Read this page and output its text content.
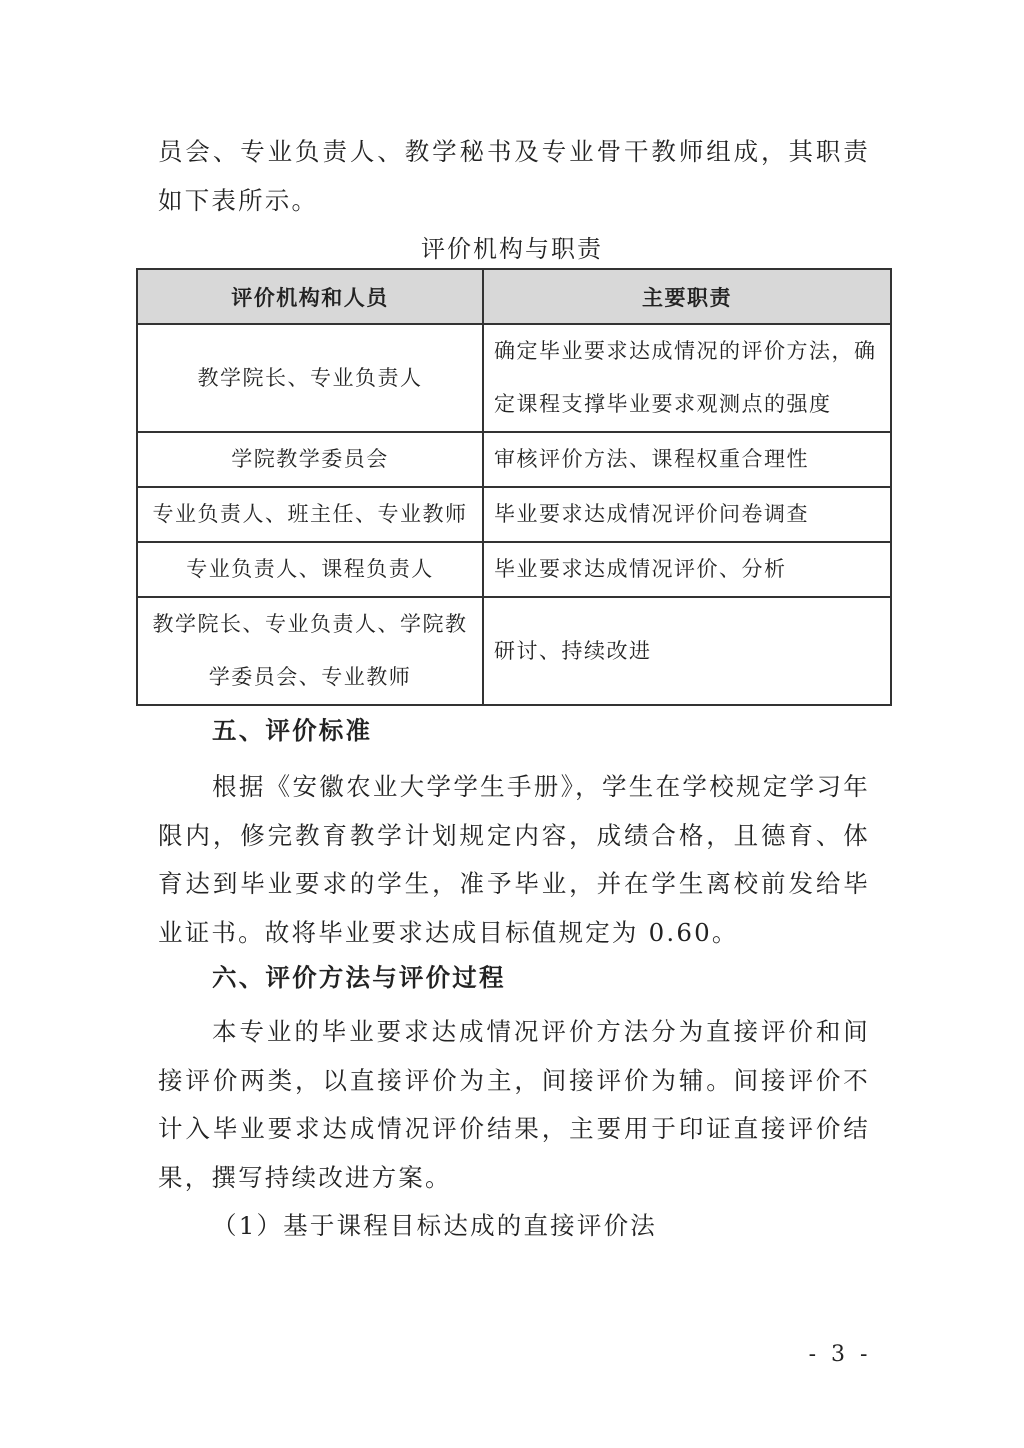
员会、专业负责人、教学秘书及专业骨干教师组成，其职责如下表所示。

评价机构与职责

评价机构和人员	主要职责

教学院长、专业负责人	确定毕业要求达成情况的评价方法，确定课程支撑毕业要求观测点的强度

学院教学委员会	审核评价方法、课程权重合理性

专业负责人、班主任、专业教师	毕业要求达成情况评价问卷调查

专业负责人、课程负责人	毕业要求达成情况评价、分析

教学院长、专业负责人、学院教学委员会、专业教师	研讨、持续改进

五、评价标准

根据《安徽农业大学学生手册》，学生在学校规定学习年限内，修完教育教学计划规定内容，成绩合格，且德育、体育达到毕业要求的学生，准予毕业，并在学生离校前发给毕业证书。故将毕业要求达成目标值规定为 0.60。

六、评价方法与评价过程

本专业的毕业要求达成情况评价方法分为直接评价和间接评价两类，以直接评价为主，间接评价为辅。间接评价不计入毕业要求达成情况评价结果，主要用于印证直接评价结果，撰写持续改进方案。

（1）基于课程目标达成的直接评价法

- 3 -
